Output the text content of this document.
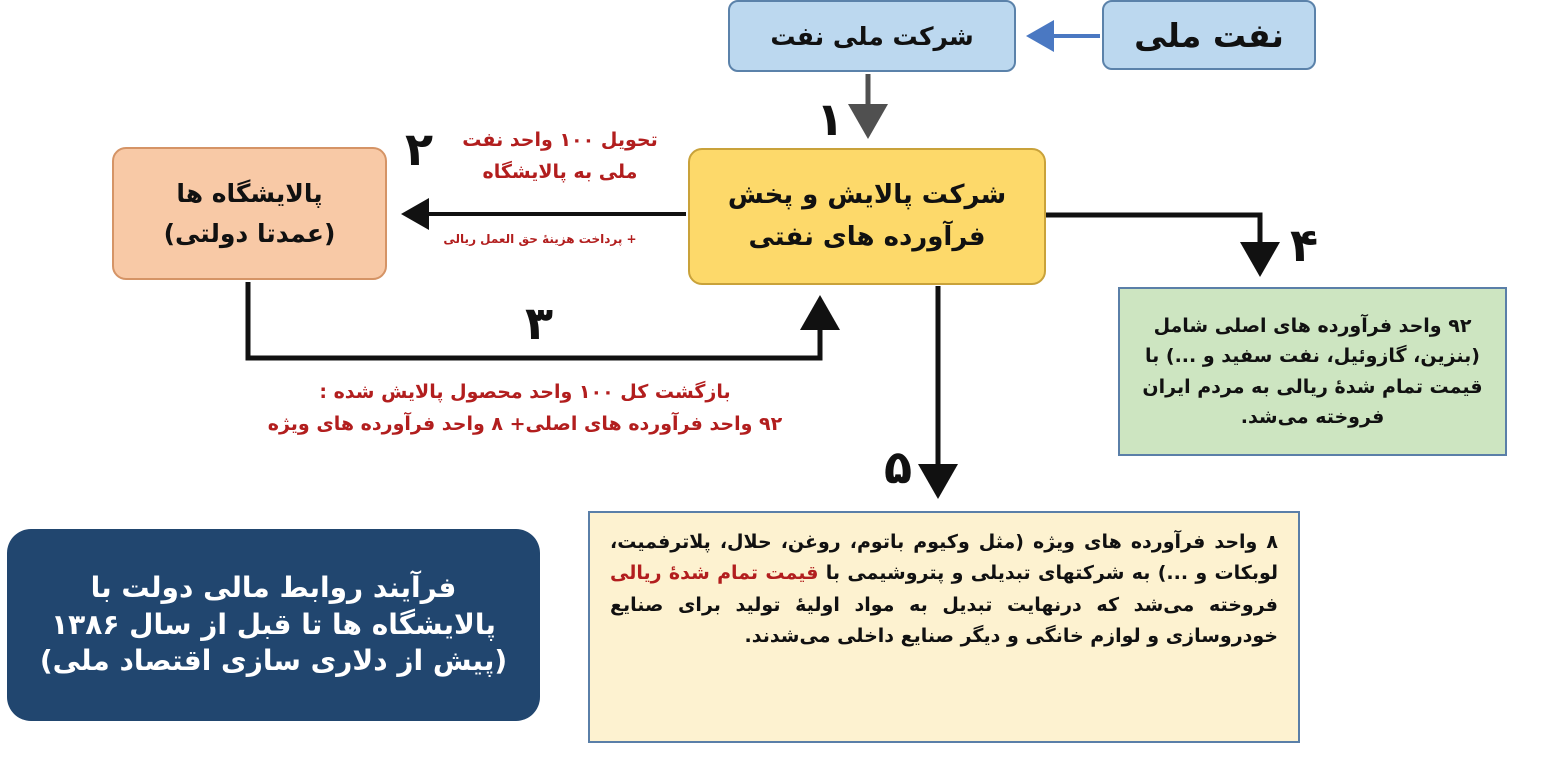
نفت ملی
شرکت ملی نفت
شرکت پالایش و پخش
فرآورده های نفتی
پالایشگاه ها
(عمدتا دولتی)
۱
۲
۳
۴
۵
تحویل ۱۰۰ واحد نفت
ملی به پالایشگاه
+ پرداخت هزینهٔ حق العمل ریالی
بازگشت کل ۱۰۰ واحد محصول پالایش شده :
۹۲ واحد فرآورده های اصلی+ ۸ واحد فرآورده های ویژه
۹۲ واحد فرآورده های اصلی شامل (بنزین، گازوئیل، نفت سفید و ...) با قیمت تمام شدهٔ ریالی به مردم ایران فروخته می‌شد.
۸ واحد فرآورده های ویژه (مثل وکیوم باتوم، روغن، حلال، پلاترفمیت، لوبکات و ...) به شرکتهای تبدیلی و پتروشیمی با قیمت تمام شدهٔ ریالی فروخته می‌شد که درنهایت تبدیل به مواد اولیهٔ تولید برای صنایع خودروسازی و لوازم خانگی و دیگر صنایع داخلی می‌شدند.
فرآیند روابط مالی دولت با پالایشگاه ها تا قبل از سال ۱۳۸۶ (پیش از دلاری سازی اقتصاد ملی)
